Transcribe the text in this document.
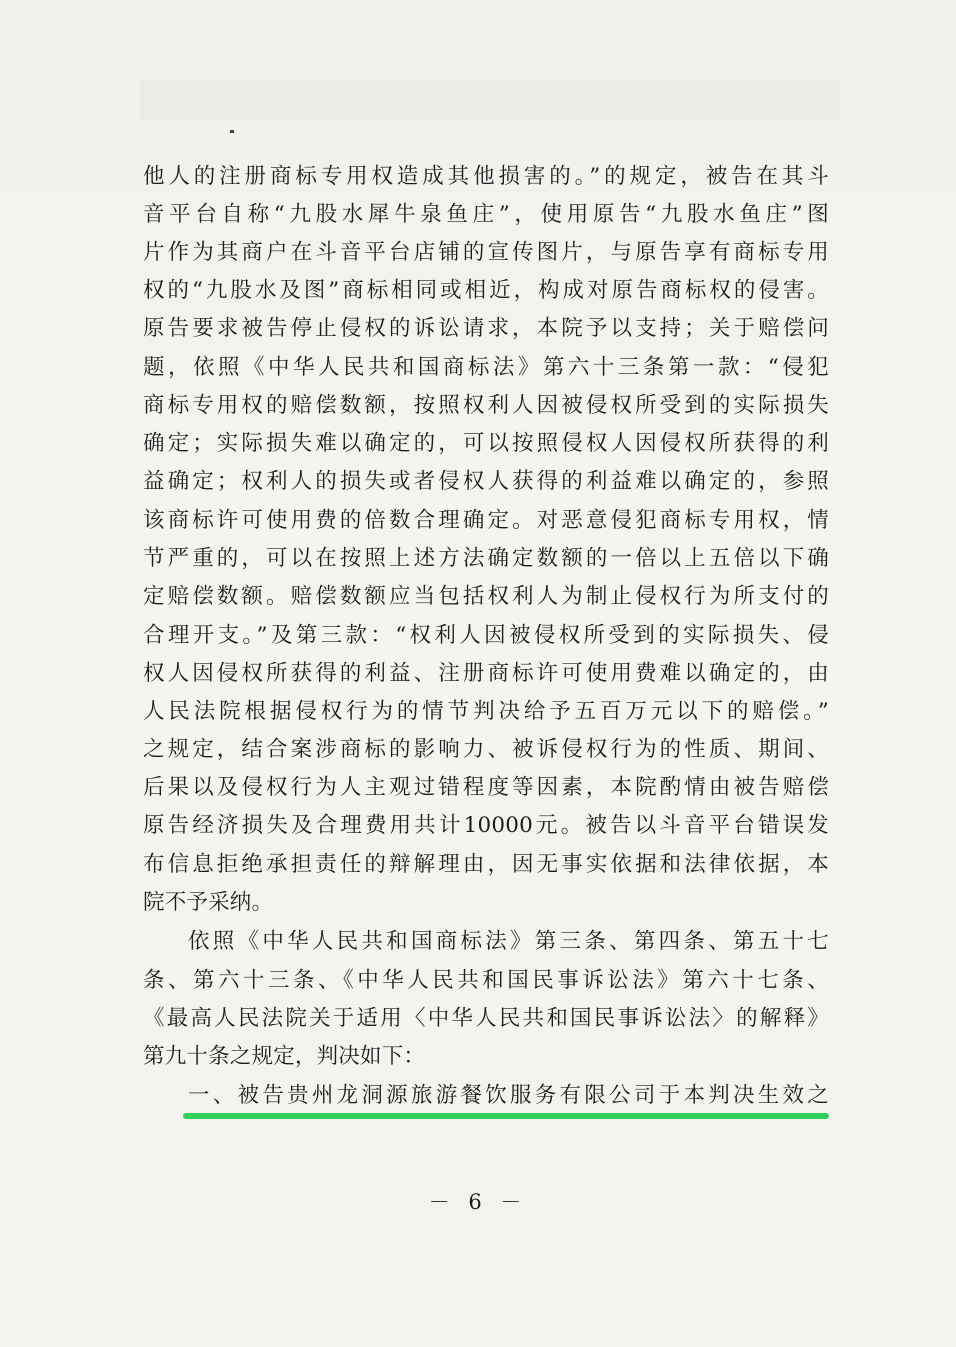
他人的注册商标专用权造成其他损害的。”的规定，被告在其斗
音平台自称“九股水犀牛泉鱼庄”，使用原告“九股水鱼庄”图
片作为其商户在斗音平台店铺的宣传图片，与原告享有商标专用
权的“九股水及图”商标相同或相近，构成对原告商标权的侵害。
原告要求被告停止侵权的诉讼请求，本院予以支持；关于赔偿问
题，依照《中华人民共和国商标法》第六十三条第一款：“侵犯
商标专用权的赔偿数额，按照权利人因被侵权所受到的实际损失
确定；实际损失难以确定的，可以按照侵权人因侵权所获得的利
益确定；权利人的损失或者侵权人获得的利益难以确定的，参照
该商标许可使用费的倍数合理确定。对恶意侵犯商标专用权，情
节严重的，可以在按照上述方法确定数额的一倍以上五倍以下确
定赔偿数额。赔偿数额应当包括权利人为制止侵权行为所支付的
合理开支。”及第三款：“权利人因被侵权所受到的实际损失、侵
权人因侵权所获得的利益、注册商标许可使用费难以确定的，由
人民法院根据侵权行为的情节判决给予五百万元以下的赔偿。”
之规定，结合案涉商标的影响力、被诉侵权行为的性质、期间、
后果以及侵权行为人主观过错程度等因素，本院酌情由被告赔偿
原告经济损失及合理费用共计10000元。被告以斗音平台错误发
布信息拒绝承担责任的辩解理由，因无事实依据和法律依据，本
院不予采纳。
依照《中华人民共和国商标法》第三条、第四条、第五十七
条、第六十三条、《中华人民共和国民事诉讼法》第六十七条、
《最高人民法院关于适用〈中华人民共和国民事诉讼法〉的解释》
第九十条之规定，判决如下：
一、被告贵州龙洞源旅游餐饮服务有限公司于本判决生效之
－ 6 －
